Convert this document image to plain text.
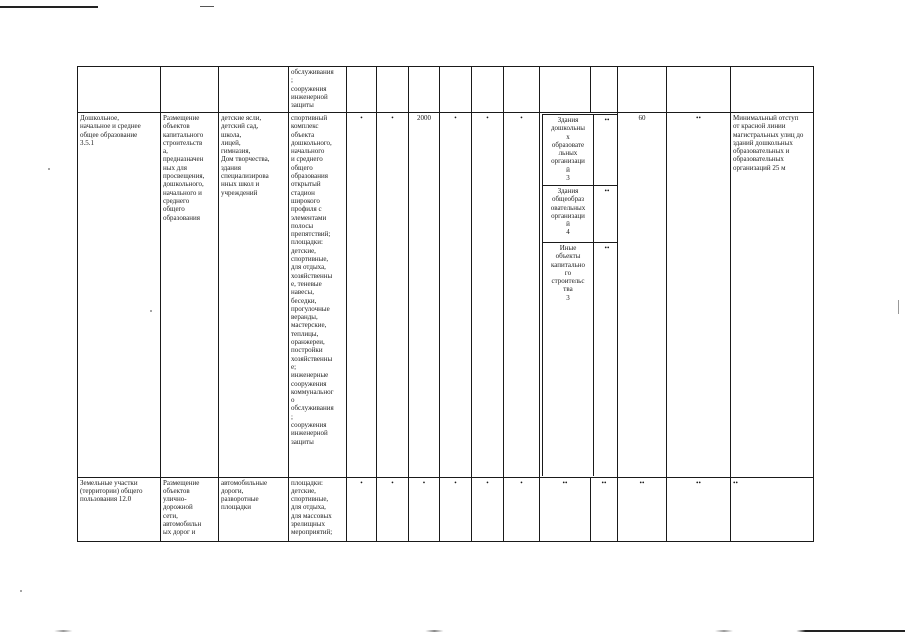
			обслуживания
;
сооружения
инженерной
защиты											
Дошкольное,
начальное и среднее
общее образование
3.5.1	Размещение
объектов
капитального
строительств
а,
предназначен
ных для
просвещения,
дошкольного,
начального и
среднего
общего
образования	детские ясли,
детский сад,
школа,
лицей,
гимназия,
Дом творчества,
здания
специализирова
нных школ и
учреждений	спортивный
комплекс
объекта
дошкольного,
начального
и среднего
общего
образования
открытый
стадион
широкого
профиля с
элементами
полосы
препятствий;
площадки:
детские,
спортивные,
для отдыха,
хозяйственны
е, теневые
навесы,
беседки,
прогулочные
веранды,
мастерские,
теплицы,
оранжереи,
постройки
хозяйственны
е;
инженерные
сооружения
коммунальног
о
обслуживания
;
сооружения
инженерной
защиты	•	•	2000	•	•	•		Здания
дошкольны
х
образовате
льных
организаци
й
3	••
Здания
общеобраз
овательных
организаци
й
4	••
Иные
объекты
капитально
го
строительс
тва
3	••
	60	••	Минимальный отступ
от красной линии
магистральных улиц до
зданий дошкольных
образовательных и
образовательных
организаций 25 м
Земельные участки
(территории) общего
пользования 12.0	Размещение
объектов
улично-
дорожной
сети,
автомобильн
ых дорог и	автомобильные
дороги,
разворотные
площадки	площадки:
детские,
спортивные,
для отдыха,
для массовых
зрелищных
мероприятий;	•	•	•	•	•	•	••	••	••	••	••
